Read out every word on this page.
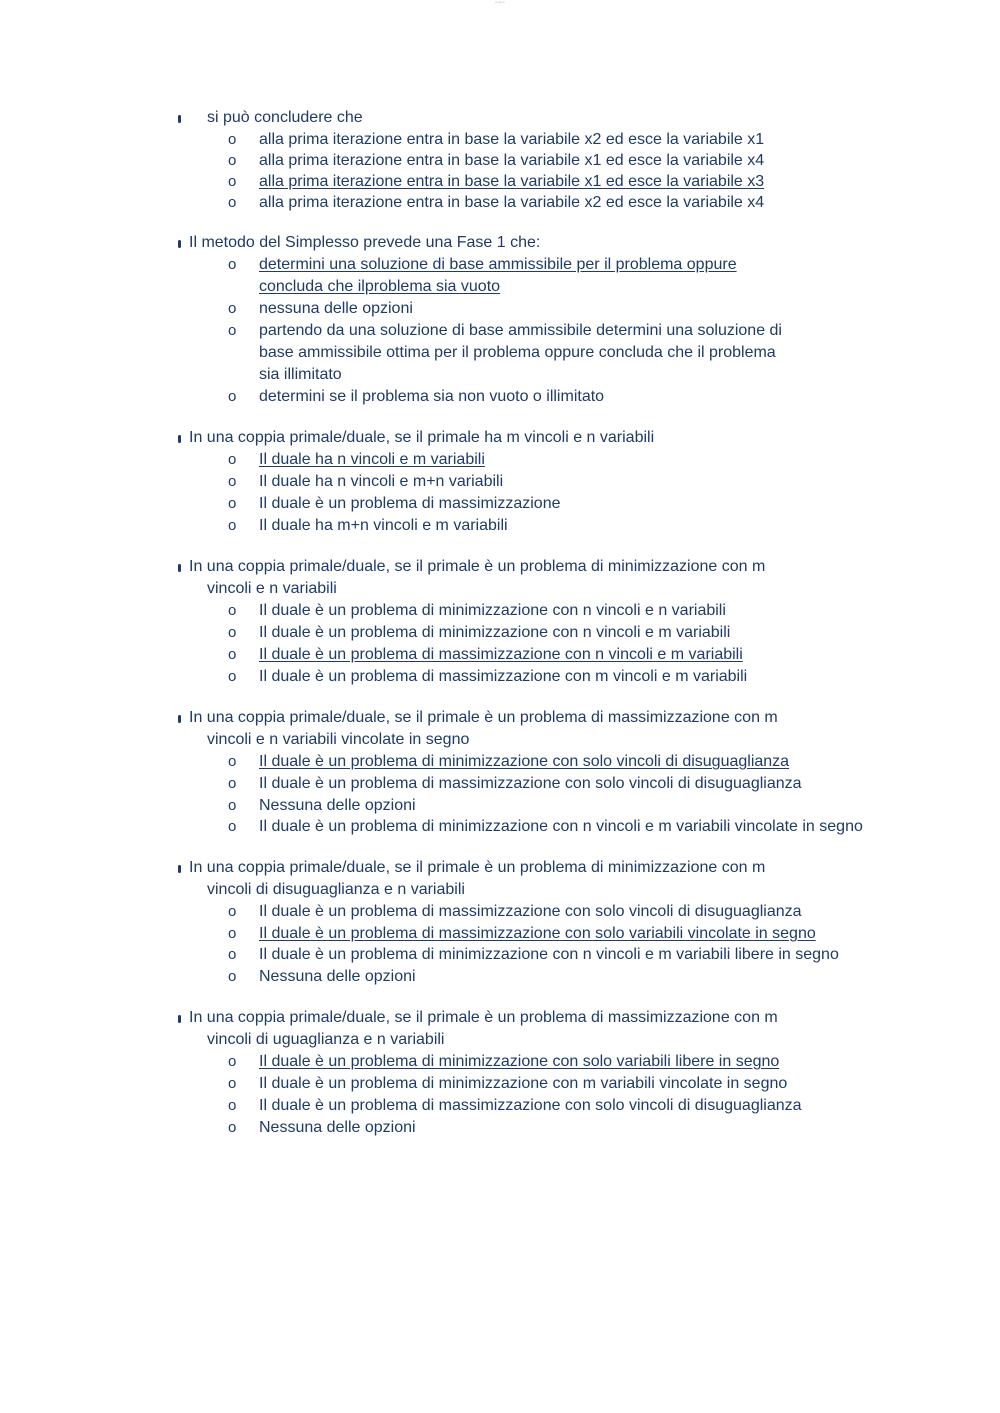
pagina
si può concludere che
o alla prima iterazione entra in base la variabile x2 ed esce la variabile x1
o alla prima iterazione entra in base la variabile x1 ed esce la variabile x4
o alla prima iterazione entra in base la variabile x1 ed esce la variabile x3
o alla prima iterazione entra in base la variabile x2 ed esce la variabile x4
Il metodo del Simplesso prevede una Fase 1 che:
o determini una soluzione di base ammissibile per il problema oppure concluda che ilproblema sia vuoto
o nessuna delle opzioni
o partendo da una soluzione di base ammissibile determini una soluzione di base ammissibile ottima per il problema oppure concluda che il problema sia illimitato
o determini se il problema sia non vuoto o illimitato
In una coppia primale/duale, se il primale ha m vincoli e n variabili
o Il duale ha n vincoli e m variabili
o Il duale ha n vincoli e m+n variabili
o Il duale è un problema di massimizzazione
o Il duale ha m+n vincoli e m variabili
In una coppia primale/duale, se il primale è un problema di minimizzazione con m
vincoli e n variabili
o Il duale è un problema di minimizzazione con n vincoli e n variabili
o Il duale è un problema di minimizzazione con n vincoli e m variabili
o Il duale è un problema di massimizzazione con n vincoli e m variabili
o Il duale è un problema di massimizzazione con m vincoli e m variabili
In una coppia primale/duale, se il primale è un problema di massimizzazione con m
vincoli e n variabili vincolate in segno
o Il duale è un problema di minimizzazione con solo vincoli di disuguaglianza
o Il duale è un problema di massimizzazione con solo vincoli di disuguaglianza
o Nessuna delle opzioni
o Il duale è un problema di minimizzazione con n vincoli e m variabili vincolate in segno
In una coppia primale/duale, se il primale è un problema di minimizzazione con m
vincoli di disuguaglianza e n variabili
o Il duale è un problema di massimizzazione con solo vincoli di disuguaglianza
o Il duale è un problema di massimizzazione con solo variabili vincolate in segno
o Il duale è un problema di minimizzazione con n vincoli e m variabili libere in segno
o Nessuna delle opzioni
In una coppia primale/duale, se il primale è un problema di massimizzazione con m
vincoli di uguaglianza e n variabili
o Il duale è un problema di minimizzazione con solo variabili libere in segno
o Il duale è un problema di minimizzazione con m variabili vincolate in segno
o Il duale è un problema di massimizzazione con solo vincoli di disuguaglianza
o Nessuna delle opzioni
